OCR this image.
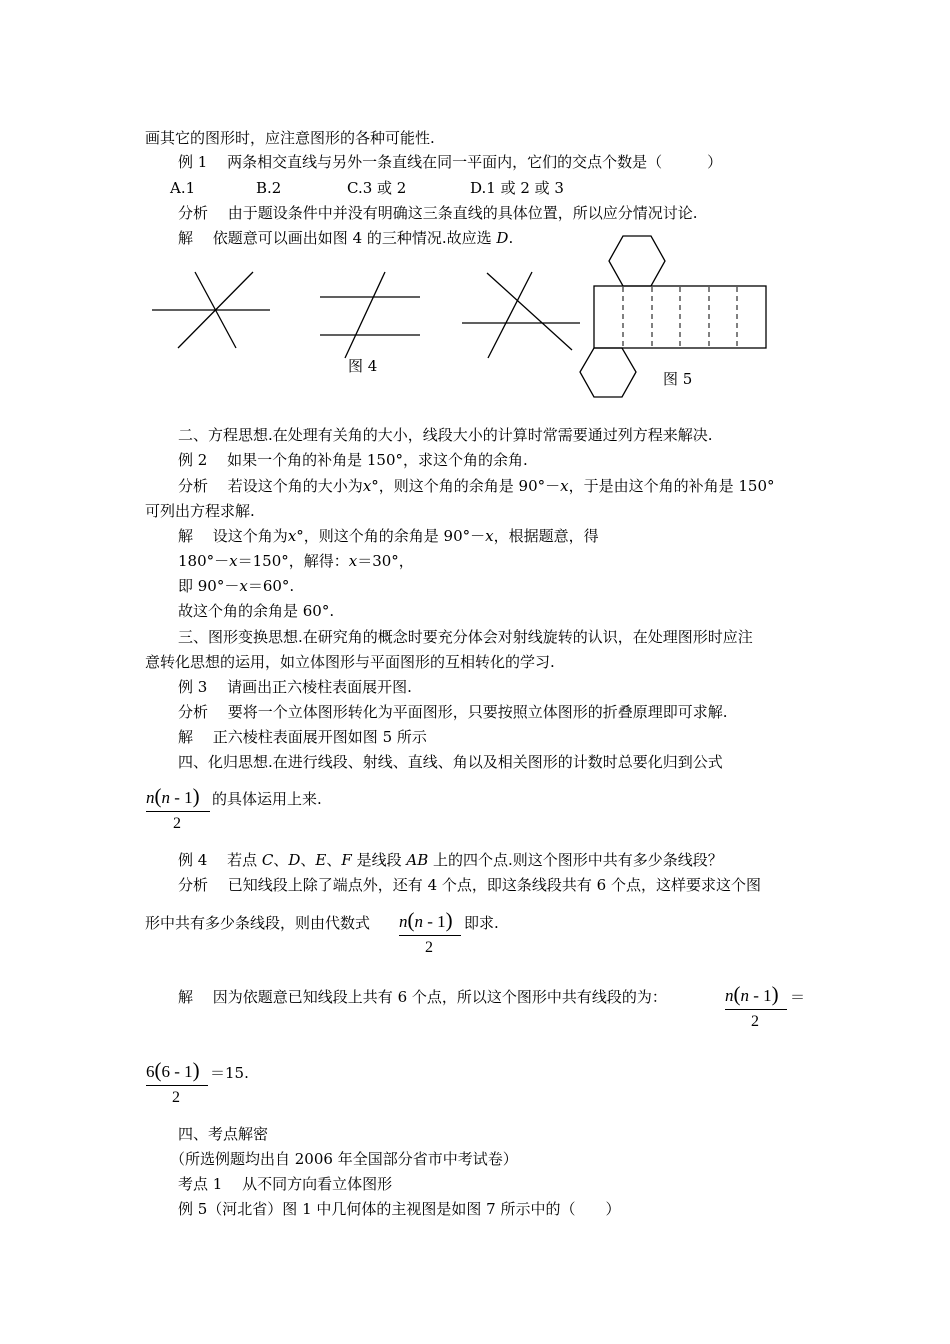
画其它的图形时，应注意图形的各种可能性.
例 1　 两条相交直线与另外一条直线在同一平面内，它们的交点个数是（　　　）
A.1	B.2	C.3 或 2	D.1 或 2 或 3
分析　 由于题设条件中并没有明确这三条直线的具体位置，所以应分情况讨论.
解　 依题意可以画出如图 4 的三种情况.故应选 D.
图 4
图 5
二、方程思想.在处理有关角的大小，线段大小的计算时常需要通过列方程来解决.
例 2　 如果一个角的补角是 150°，求这个角的余角.
分析　 若设这个角的大小为x°，则这个角的余角是 90°－x，于是由这个角的补角是 150°
可列出方程求解.
解　 设这个角为x°，则这个角的余角是 90°－x，根据题意，得
180°－x＝150°，解得：x＝30°，
即 90°－x＝60°.
故这个角的余角是 60°.
三、图形变换思想.在研究角的概念时要充分体会对射线旋转的认识，在处理图形时应注
意转化思想的运用，如立体图形与平面图形的互相转化的学习.
例 3　 请画出正六棱柱表面展开图.
分析　 要将一个立体图形转化为平面图形，只要按照立体图形的折叠原理即可求解.
解　 正六棱柱表面展开图如图 5 所示
四、化归思想.在进行线段、射线、直线、角以及相关图形的计数时总要化归到公式
n(n - 1)
2
的具体运用上来.
例 4　 若点 C、D、E、F 是线段 AB 上的四个点.则这个图形中共有多少条线段？
分析　 已知线段上除了端点外，还有 4 个点，即这条线段共有 6 个点，这样要求这个图
形中共有多少条线段，则由代数式 n(n - 1)
2
即求.
解　 因为依题意已知线段上共有 6 个点，所以这个图形中共有线段的为：	n(n - 1)
2
＝
6(6 - 1)
2
＝15.
四、考点解密
（所选例题均出自 2006 年全国部分省市中考试卷）
考点 1　 从不同方向看立体图形
例 5（河北省）图 1 中几何体的主视图是如图 7 所示中的（　　）
